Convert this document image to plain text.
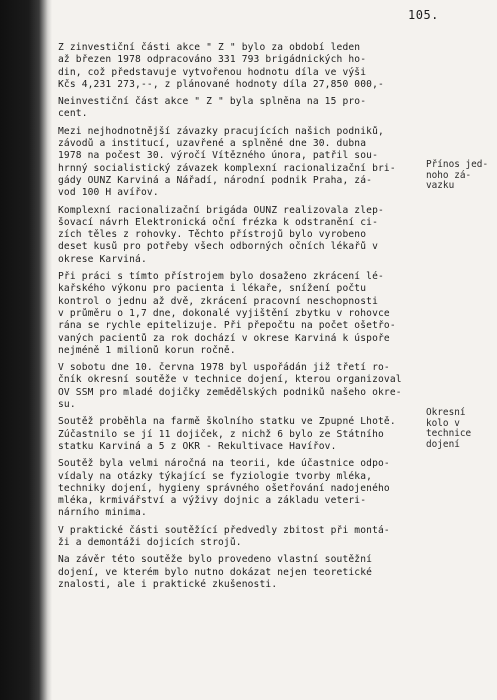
105.
Z zinvestiční části akce " Z " bylo za období leden
až březen 1978 odpracováno 331 793 brigádnických ho-
din, což představuje vytvořenou hodnotu díla ve výši
Kčs 4,231 273,--, z plánované hodnoty díla 27,850 000,-
Neinvestiční část akce " Z " byla splněna na 15 pro-
cent.
Mezi nejhodnotnější závazky pracujících našich podniků,
závodů a institucí, uzavřené a splněné dne 30. dubna
1978 na počest 30. výročí Vítězného února, patřil sou-
hrnný socialistický závazek komplexní racionalizační bri-
gády OÚNZ Karviná a Nářadí, národní podnik Praha, zá-
vod 100 H avířov.
Komplexní racionalizační brigáda OÚNZ realizovala zlep-
šovací návrh Elektronická oční frézka k odstranění ci-
zích těles z rohovky. Těchto přístrojů bylo vyrobeno
deset kusů pro potřeby všech odborných očních lékařů v
okrese Karviná.
Při práci s tímto přístrojem bylo dosaženo zkrácení lé-
kařského výkonu pro pacienta i lékaře, snížení počtu
kontrol o jednu až dvě, zkrácení pracovní neschopnosti
v průměru o 1,7 dne, dokonalé vyjištění zbytku v rohovce
rána se rychle epitelizuje. Při přepočtu na počet ošetřo-
vaných pacientů za rok dochází v okrese Karviná k úspoře
nejméně 1 milionů korun ročně.
V sobotu dne 10. června 1978 byl uspořádán již třetí ro-
čník okresní soutěže v technice dojení, kterou organizoval
OV SSM pro mladé dojičky zemědělských podniků našeho okre-
su.
Soutěž proběhla na farmě školního statku ve Zpupné Lhotě.
Zúčastnilo se jí 11 dojiček, z nichž 6 bylo ze Státního
statku Karviná a 5 z OKR - Rekultivace Havířov.
Soutěž byla velmi náročná na teorii, kde účastnice odpo-
vídaly na otázky týkající se fyziologie tvorby mléka,
techniky dojení, hygieny správného ošetřování nadojeného
mléka, krmivářství a výživy dojnic a základu veteri-
nárního minima.
V praktické části soutěžící předvedly zbitost při montá-
ži a demontáži dojicích strojů.
Na závěr této soutěže bylo provedeno vlastní soutěžní
dojení, ve kterém bylo nutno dokázat nejen teoretické
znalosti, ale i praktické zkušenosti.
Přínos jed-
noho zá-
vazku
Okresní
kolo v
technice
dojení
